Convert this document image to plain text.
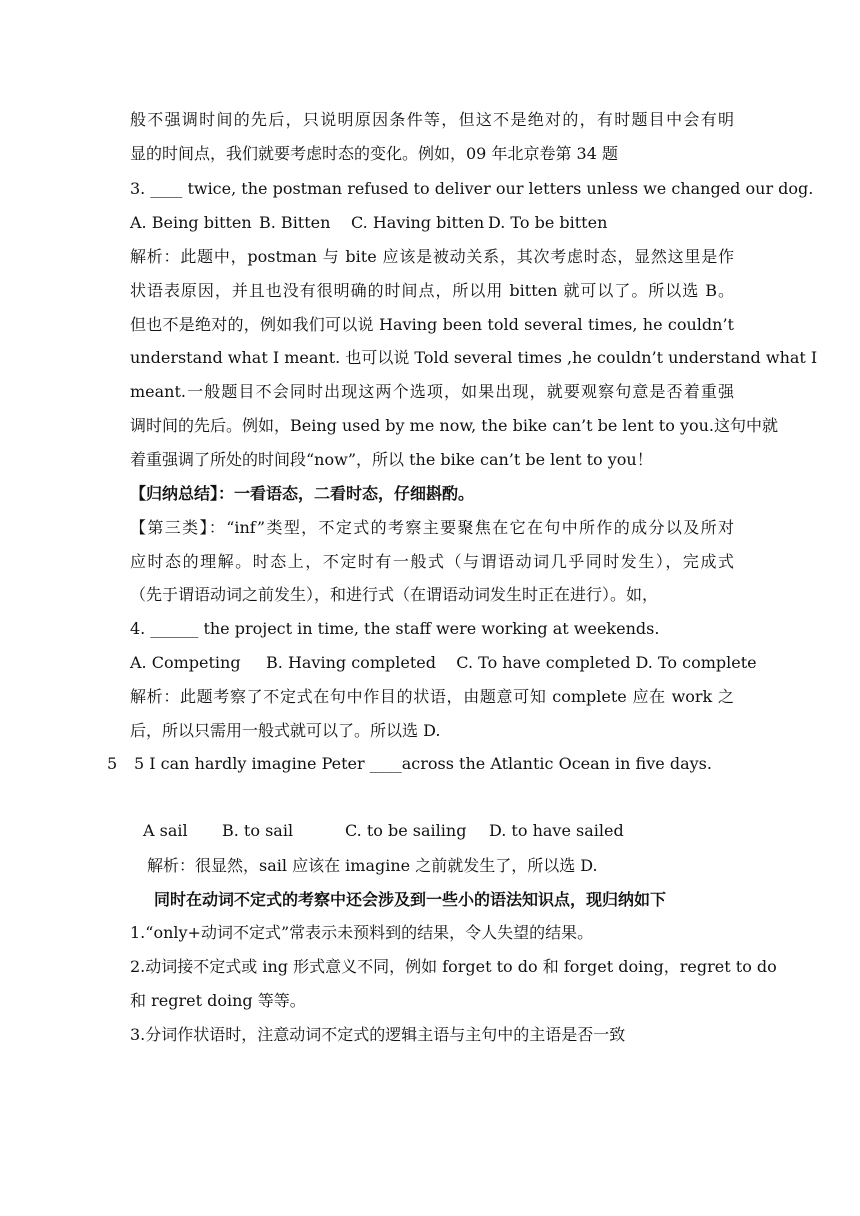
般不强调时间的先后，只说明原因条件等，但这不是绝对的，有时题目中会有明
显的时间点，我们就要考虑时态的变化。例如，09 年北京卷第 34 题
3. ____ twice, the postman refused to deliver our letters unless we changed our dog.
A. Being bitten B. Bitten C. Having bitten D. To be bitten
解析：此题中，postman 与 bite 应该是被动关系，其次考虑时态，显然这里是作
状语表原因，并且也没有很明确的时间点，所以用 bitten 就可以了。所以选 B。
但也不是绝对的，例如我们可以说 Having been told several times, he couldn’t
understand what I meant. 也可以说 Told several times ,he couldn’t understand what I
meant.一般题目不会同时出现这两个选项，如果出现，就要观察句意是否着重强
调时间的先后。例如，Being used by me now, the bike can’t be lent to you.这句中就
着重强调了所处的时间段“now”，所以 the bike can’t be lent to you！
【归纳总结】：一看语态，二看时态，仔细斟酌。
【第三类】：“inf”类型，不定式的考察主要聚焦在它在句中所作的成分以及所对
应时态的理解。时态上，不定时有一般式（与谓语动词几乎同时发生），完成式
（先于谓语动词之前发生），和进行式（在谓语动词发生时正在进行）。如，
4. ______ the project in time, the staff were working at weekends.
A. Competing     B. Having completed    C. To have completed D. To complete
解析：此题考察了不定式在句中作目的状语，由题意可知 complete 应在 work 之
后，所以只需用一般式就可以了。所以选 D.
5	5 I can hardly imagine Peter ____across the Atlantic Ocean in five days.
A sail B. to sail	C. to be sailing D. to have sailed
解析：很显然，sail 应该在 imagine 之前就发生了，所以选 D.
同时在动词不定式的考察中还会涉及到一些小的语法知识点，现归纳如下
1.“only+动词不定式”常表示未预料到的结果，令人失望的结果。
2.动词接不定式或 ing 形式意义不同，例如 forget to do 和 forget doing，regret to do
和 regret doing 等等。
3.分词作状语时，注意动词不定式的逻辑主语与主句中的主语是否一致
